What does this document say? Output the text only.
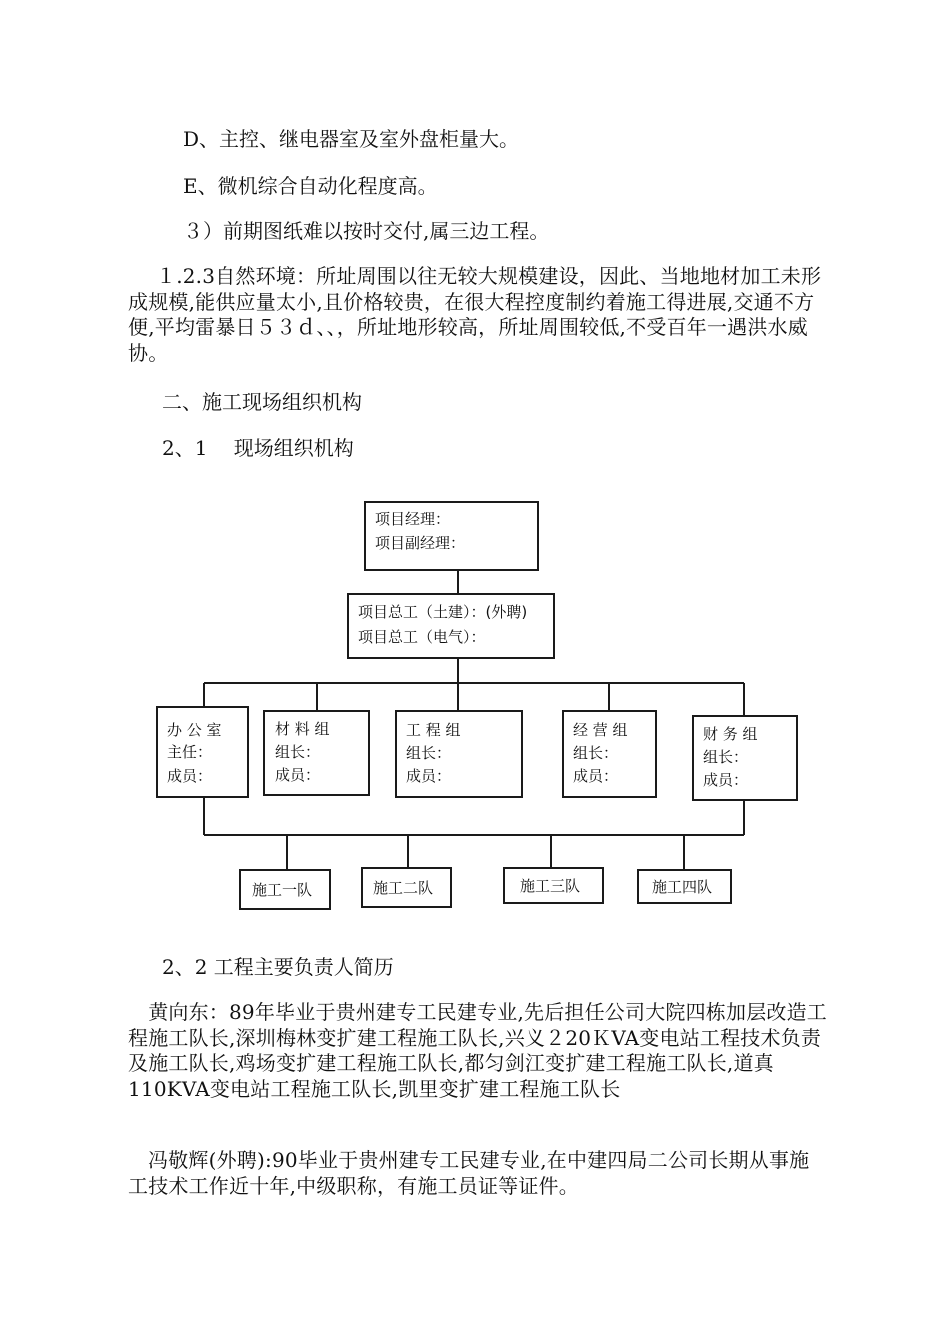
D、主控、继电器室及室外盘柜量大。
E、微机综合自动化程度高。
３）前期图纸难以按时交付,属三边工程。
１.2.3自然环境：所址周围以往无较大规模建设，因此、当地地材加工未形成规模,能供应量太小,且价格较贵，在很大程控度制约着施工得进展,交通不方便,平均雷暴日５３ｄ、、，所址地形较高，所址周围较低,不受百年一遇洪水威协。
二、施工现场组织机构
2、1　 现场组织机构
项目经理：
项目副经理：
项目总工（土建）：(外聘)
项目总工（电气）：
办 公 室
主任：
成员：
材 料 组
组长：
成员：
工 程 组
组长：
成员：
经 营 组
组长：
成员：
财 务 组
组长：
成员：
施工一队	施工二队	施工三队	施工四队
2、2 工程主要负责人简历
　黄向东：89年毕业于贵州建专工民建专业,先后担任公司大院四栋加层改造工程施工队长,深圳梅林变扩建工程施工队长,兴义２20ＫVA变电站工程技术负责及施工队长,鸡场变扩建工程施工队长,都匀剑江变扩建工程施工队长,道真110KVA变电站工程施工队长,凯里变扩建工程施工队长
冯敬辉(外聘):90毕业于贵州建专工民建专业,在中建四局二公司长期从事施工技术工作近十年,中级职称，有施工员证等证件。
